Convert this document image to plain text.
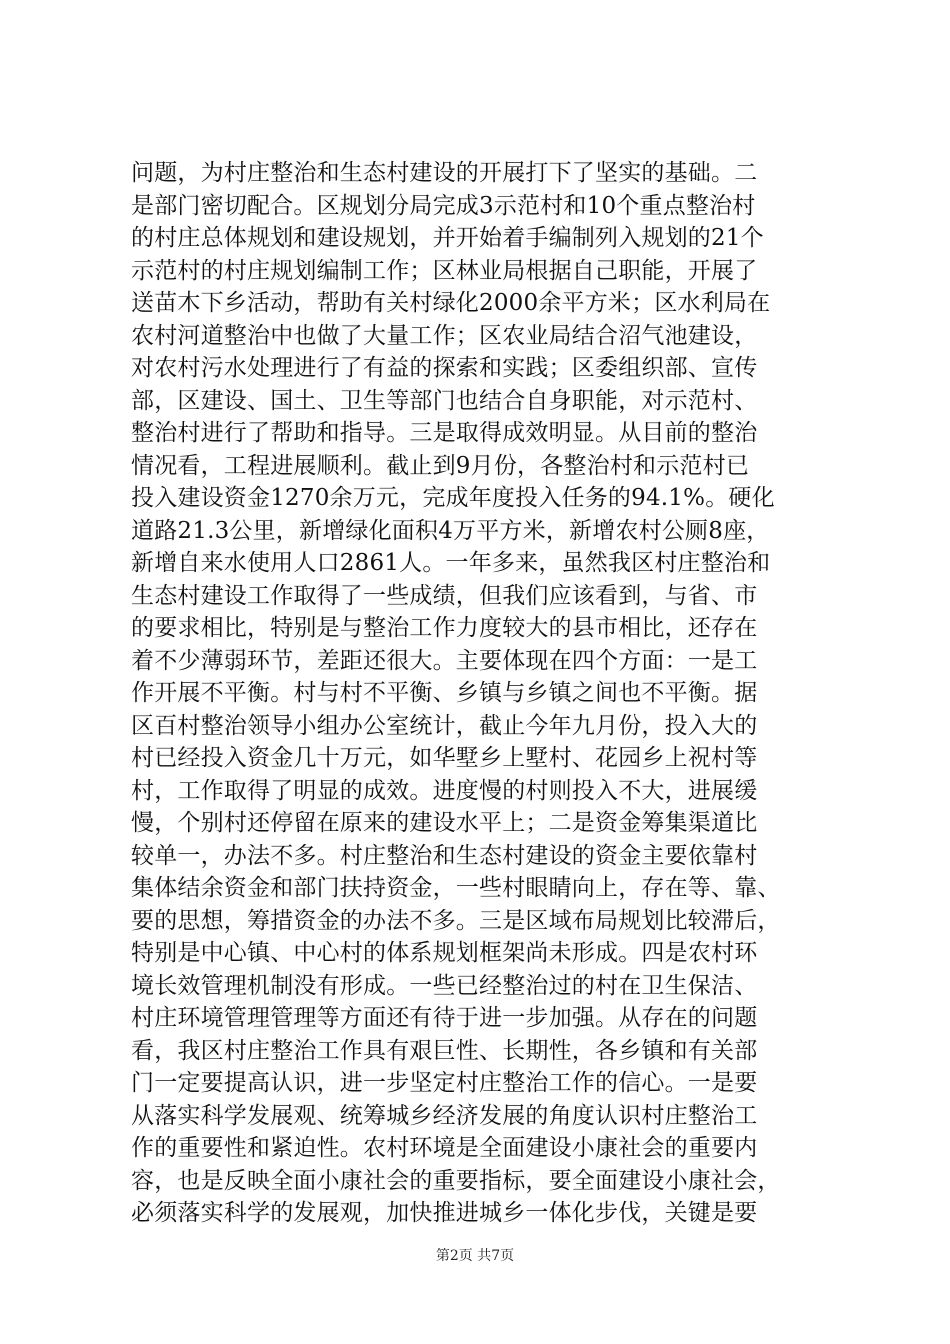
问题，为村庄整治和生态村建设的开展打下了坚实的基础。二
是部门密切配合。区规划分局完成3示范村和10个重点整治村
的村庄总体规划和建设规划，并开始着手编制列入规划的21个
示范村的村庄规划编制工作；区林业局根据自己职能，开展了
送苗木下乡活动，帮助有关村绿化2000余平方米；区水利局在
农村河道整治中也做了大量工作；区农业局结合沼气池建设，
对农村污水处理进行了有益的探索和实践；区委组织部、宣传
部，区建设、国土、卫生等部门也结合自身职能，对示范村、
整治村进行了帮助和指导。三是取得成效明显。从目前的整治
情况看，工程进展顺利。截止到9月份，各整治村和示范村已
投入建设资金1270余万元，完成年度投入任务的94.1%。硬化
道路21.3公里，新增绿化面积4万平方米，新增农村公厕8座，
新增自来水使用人口2861人。一年多来，虽然我区村庄整治和
生态村建设工作取得了一些成绩，但我们应该看到，与省、市
的要求相比，特别是与整治工作力度较大的县市相比，还存在
着不少薄弱环节，差距还很大。主要体现在四个方面：一是工
作开展不平衡。村与村不平衡、乡镇与乡镇之间也不平衡。据
区百村整治领导小组办公室统计，截止今年九月份，投入大的
村已经投入资金几十万元，如华墅乡上墅村、花园乡上祝村等
村，工作取得了明显的成效。进度慢的村则投入不大，进展缓
慢，个别村还停留在原来的建设水平上；二是资金筹集渠道比
较单一，办法不多。村庄整治和生态村建设的资金主要依靠村
集体结余资金和部门扶持资金，一些村眼睛向上，存在等、靠、
要的思想，筹措资金的办法不多。三是区域布局规划比较滞后，
特别是中心镇、中心村的体系规划框架尚未形成。四是农村环
境长效管理机制没有形成。一些已经整治过的村在卫生保洁、
村庄环境管理管理等方面还有待于进一步加强。从存在的问题
看，我区村庄整治工作具有艰巨性、长期性，各乡镇和有关部
门一定要提高认识，进一步坚定村庄整治工作的信心。一是要
从落实科学发展观、统筹城乡经济发展的角度认识村庄整治工
作的重要性和紧迫性。农村环境是全面建设小康社会的重要内
容，也是反映全面小康社会的重要指标，要全面建设小康社会，
必须落实科学的发展观，加快推进城乡一体化步伐，关键是要
第2页 共7页
